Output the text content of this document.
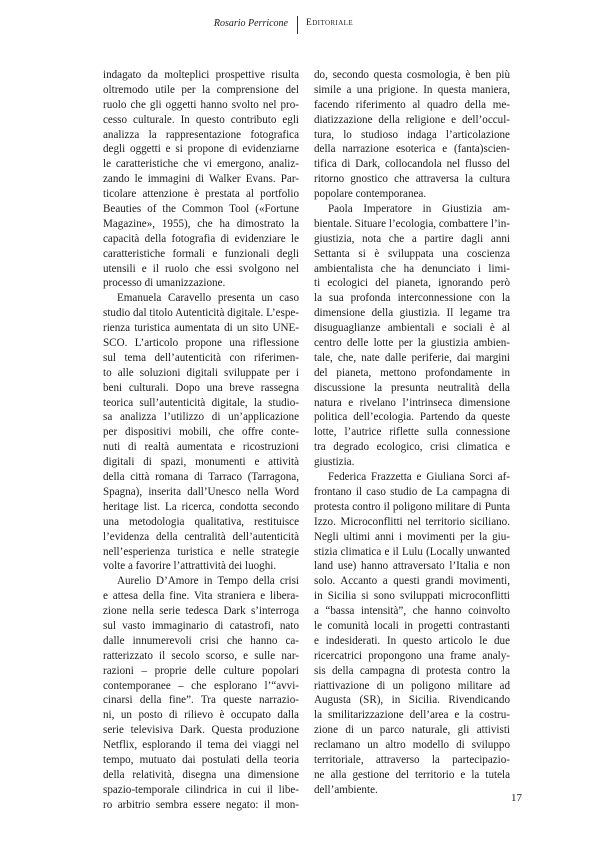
Rosario Perricone Editoriale
indagato da molteplici prospettive risulta
oltremodo utile per la comprensione del
ruolo che gli oggetti hanno svolto nel pro-
cesso culturale. In questo contributo egli
analizza la rappresentazione fotografica
degli oggetti e si propone di evidenziarne
le caratteristiche che vi emergono, analiz-
zando le immagini di Walker Evans. Par-
ticolare attenzione è prestata al portfolio
Beauties of the Common Tool («Fortune
Magazine», 1955), che ha dimostrato la
capacità della fotografia di evidenziare le
caratteristiche formali e funzionali degli
utensili e il ruolo che essi svolgono nel
processo di umanizzazione.
Emanuela Caravello presenta un caso
studio dal titolo Autenticità digitale. L’espe-
rienza turistica aumentata di un sito UNE-
SCO. L’articolo propone una riflessione
sul tema dell’autenticità con riferimen-
to alle soluzioni digitali sviluppate per i
beni culturali. Dopo una breve rassegna
teorica sull’autenticità digitale, la studio-
sa analizza l’utilizzo di un’applicazione
per dispositivi mobili, che offre conte-
nuti di realtà aumentata e ricostruzioni
digitali di spazi, monumenti e attività
della città romana di Tarraco (Tarragona,
Spagna), inserita dall’Unesco nella Word
heritage list. La ricerca, condotta secondo
una metodologia qualitativa, restituisce
l’evidenza della centralità dell’autenticità
nell’esperienza turistica e nelle strategie
volte a favorire l’attrattività dei luoghi.
Aurelio D’Amore in Tempo della crisi
e attesa della fine. Vita straniera e libera-
zione nella serie tedesca Dark s’interroga
sul vasto immaginario di catastrofi, nato
dalle innumerevoli crisi che hanno ca-
ratterizzato il secolo scorso, e sulle nar-
razioni – proprie delle culture popolari
contemporanee – che esplorano l’“avvi-
cinarsi della fine”. Tra queste narrazio-
ni, un posto di rilievo è occupato dalla
serie televisiva Dark. Questa produzione
Netflix, esplorando il tema dei viaggi nel
tempo, mutuato dai postulati della teoria
della relatività, disegna una dimensione
spazio-temporale cilindrica in cui il libe-
ro arbitrio sembra essere negato: il mon-
do, secondo questa cosmologia, è ben più
simile a una prigione. In questa maniera,
facendo riferimento al quadro della me-
diatizzazione della religione e dell’occul-
tura, lo studioso indaga l’articolazione
della narrazione esoterica e (fanta)scien-
tifica di Dark, collocandola nel flusso del
ritorno gnostico che attraversa la cultura
popolare contemporanea.
Paola Imperatore in Giustizia am-
bientale. Situare l’ecologia, combattere l’in-
giustizia, nota che a partire dagli anni
Settanta si è sviluppata una coscienza
ambientalista che ha denunciato i limi-
ti ecologici del pianeta, ignorando però
la sua profonda interconnessione con la
dimensione della giustizia. Il legame tra
disuguaglianze ambientali e sociali è al
centro delle lotte per la giustizia ambien-
tale, che, nate dalle periferie, dai margini
del pianeta, mettono profondamente in
discussione la presunta neutralità della
natura e rivelano l’intrinseca dimensione
politica dell’ecologia. Partendo da queste
lotte, l’autrice riflette sulla connessione
tra degrado ecologico, crisi climatica e
giustizia.
Federica Frazzetta e Giuliana Sorci af-
frontano il caso studio de La campagna di
protesta contro il poligono militare di Punta
Izzo. Microconflitti nel territorio siciliano.
Negli ultimi anni i movimenti per la giu-
stizia climatica e il Lulu (Locally unwanted
land use) hanno attraversato l’Italia e non
solo. Accanto a questi grandi movimenti,
in Sicilia si sono sviluppati microconflitti
a “bassa intensità”, che hanno coinvolto
le comunità locali in progetti contrastanti
e indesiderati. In questo articolo le due
ricercatrici propongono una frame analy-
sis della campagna di protesta contro la
riattivazione di un poligono militare ad
Augusta (SR), in Sicilia. Rivendicando
la smilitarizzazione dell’area e la costru-
zione di un parco naturale, gli attivisti
reclamano un altro modello di sviluppo
territoriale, attraverso la partecipazio-
ne alla gestione del territorio e la tutela
dell’ambiente.
17
